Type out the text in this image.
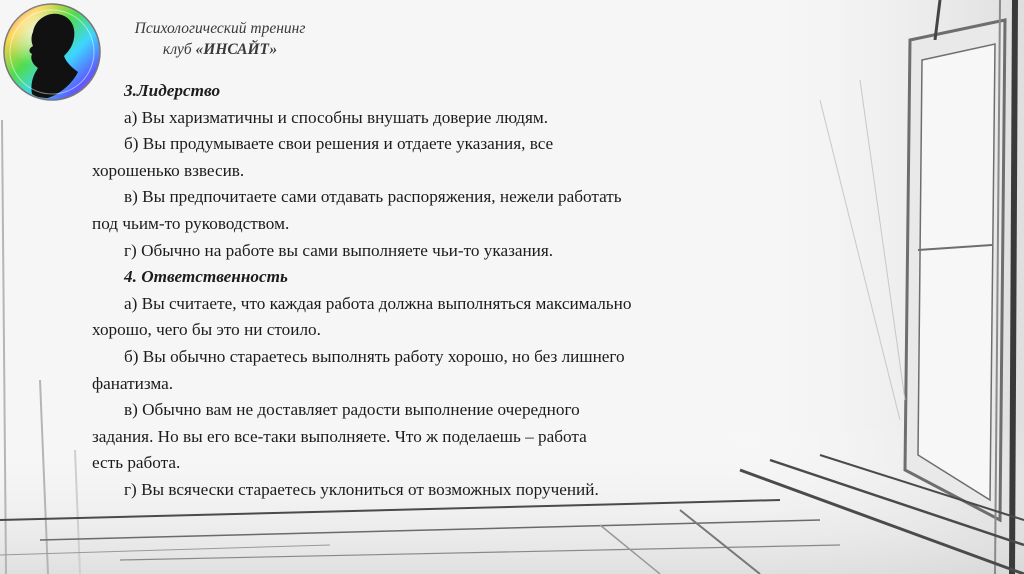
Психологический тренинг
клуб «ИНСАЙТ»

3.Лидерство

а) Вы харизматичны и способны внушать доверие людям.

б) Вы продумываете свои решения и отдаете указания, все

хорошенько взвесив.

в) Вы предпочитаете сами отдавать распоряжения, нежели работать

под чьим-то руководством.

г) Обычно на работе вы сами выполняете чьи-то указания.

4. Ответственность

а) Вы считаете, что каждая работа должна выполняться максимально

хорошо, чего бы это ни стоило.

б) Вы обычно стараетесь выполнять работу хорошо, но без лишнего

фанатизма.

в) Обычно вам не доставляет радости выполнение очередного

задания. Но вы его все-таки выполняете. Что ж поделаешь – работа

есть работа.

г) Вы всячески стараетесь уклониться от возможных поручений.
